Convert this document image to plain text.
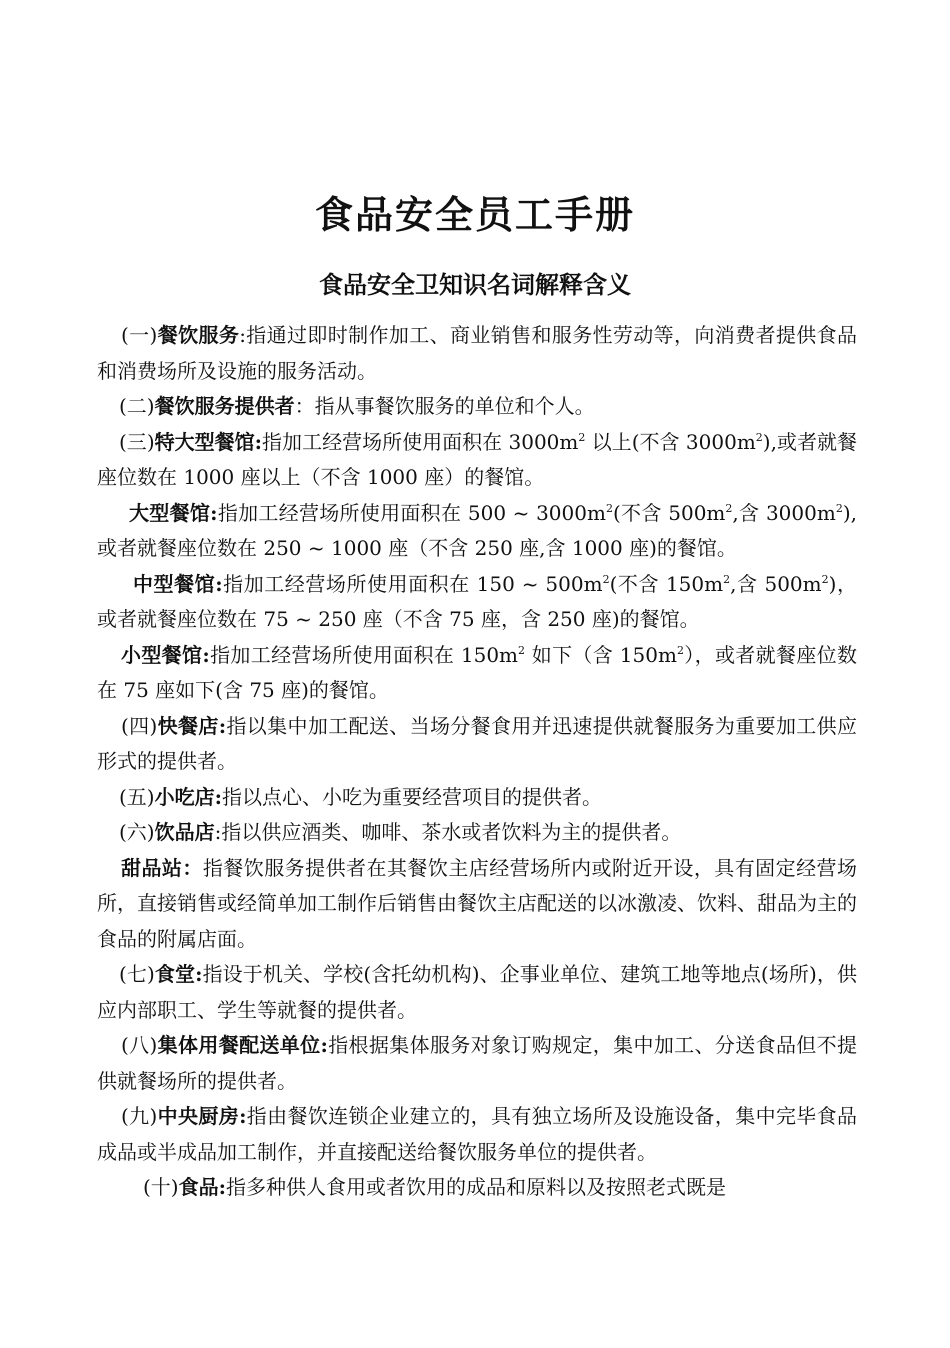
食品安全员工手册
食品安全卫知识名词解释含义

(一)餐饮服务:指通过即时制作加工、商业销售和服务性劳动等，向消费者提供食品和消费场所及设施的服务活动。

(二)餐饮服务提供者：指从事餐饮服务的单位和个人。

(三)特大型餐馆:指加工经营场所使用面积在 $3000m^2$ 以上(不含 $3000m^2$),或者就餐座位数在 1000 座以上（不含 1000 座）的餐馆。

大型餐馆:指加工经营场所使用面积在 500 ~ $3000m^2$(不含 $500m^2$,含 $3000m^2$),或者就餐座位数在 250 ~ 1000 座（不含 250 座,含 1000 座)的餐馆。

中型餐馆:指加工经营场所使用面积在 150 ~ $500m^2$(不含 $150m^2$,含 $500m^2$)，或者就餐座位数在 75 ~ 250 座（不含 75 座，含 250 座)的餐馆。

小型餐馆:指加工经营场所使用面积在 $150m^2$ 如下（含 $150m^2$），或者就餐座位数在 75 座如下(含 75 座)的餐馆。

(四)快餐店:指以集中加工配送、当场分餐食用并迅速提供就餐服务为重要加工供应形式的提供者。

(五)小吃店:指以点心、小吃为重要经营项目的提供者。

(六)饮品店:指以供应酒类、咖啡、茶水或者饮料为主的提供者。

甜品站：指餐饮服务提供者在其餐饮主店经营场所内或附近开设，具有固定经营场所，直接销售或经简单加工制作后销售由餐饮主店配送的以冰激凌、饮料、甜品为主的食品的附属店面。

(七)食堂:指设于机关、学校(含托幼机构)、企事业单位、建筑工地等地点(场所)，供应内部职工、学生等就餐的提供者。

(八)集体用餐配送单位:指根据集体服务对象订购规定，集中加工、分送食品但不提供就餐场所的提供者。

(九)中央厨房:指由餐饮连锁企业建立的，具有独立场所及设施设备，集中完毕食品成品或半成品加工制作，并直接配送给餐饮服务单位的提供者。

(十)食品:指多种供人食用或者饮用的成品和原料以及按照老式既是
